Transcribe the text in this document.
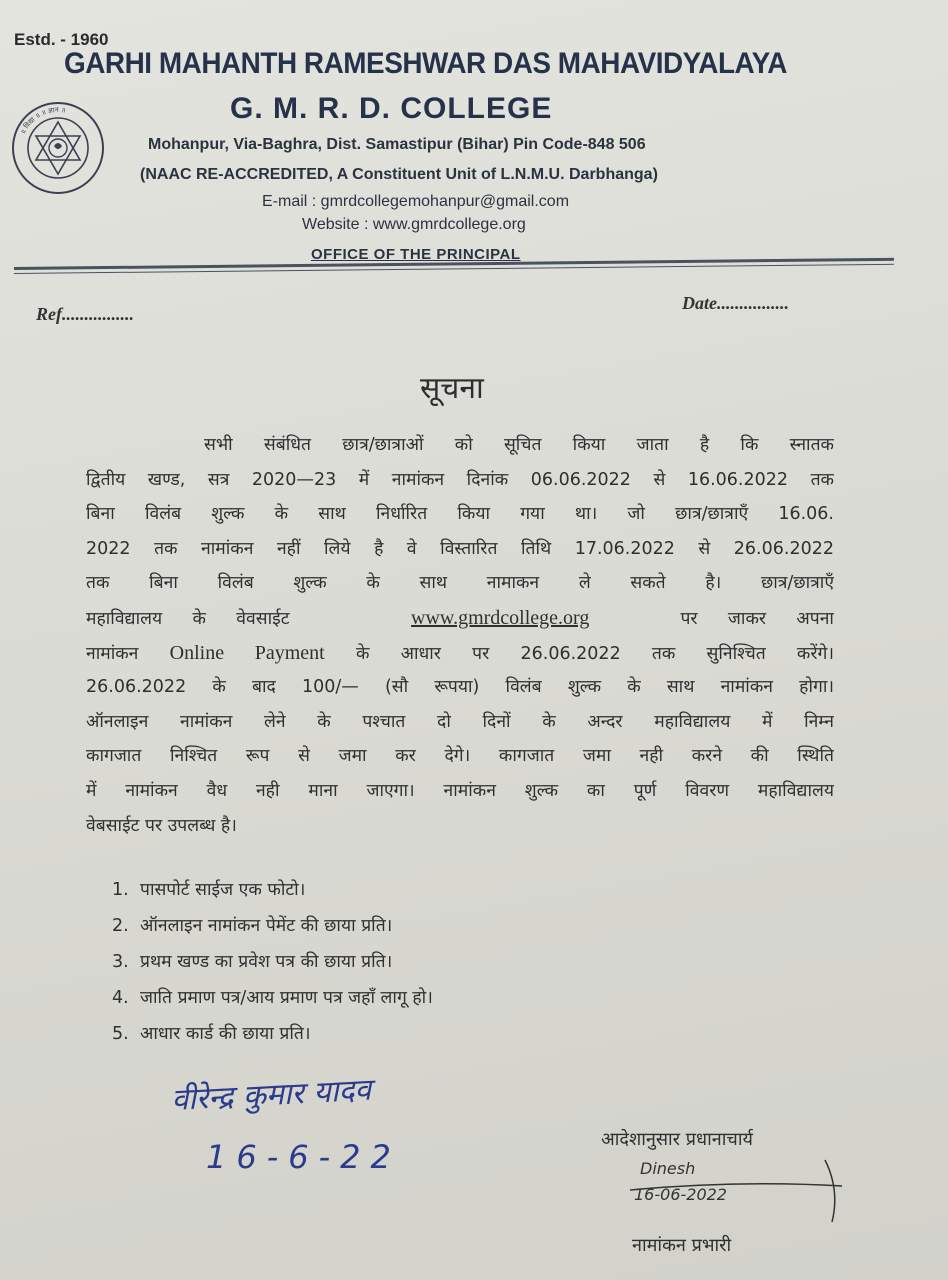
Estd. - 1960
GARHI MAHANTH RAMESHWAR DAS MAHAVIDYALAYA
G. M. R. D. COLLEGE
॥ विद्या ॥ ॥ ज्ञान ॥
Mohanpur, Via-Baghra, Dist. Samastipur (Bihar) Pin Code-848 506
(NAAC RE-ACCREDITED, A Constituent Unit of L.N.M.U. Darbhanga)
E-mail : gmrdcollegemohanpur@gmail.com
Website : www.gmrdcollege.org
OFFICE OF THE PRINCIPAL
Ref................
Date................
सूचना
सभी संबंधित छात्र/छात्राओं को सूचित किया जाता है कि स्नातक
द्वितीय खण्ड, सत्र 2020—23 में नामांकन दिनांक 06.06.2022 से 16.06.2022 तक
बिना विलंब शुल्क के साथ निर्धारित किया गया था। जो छात्र/छात्राएँ 16.06.
2022 तक नामांकन नहीं लिये है वे विस्तारित तिथि 17.06.2022 से 26.06.2022
तक बिना विलंब शुल्क के साथ नामाकन ले सकते है। छात्र/छात्राएँ
महाविद्यालय के वेवसाईट	www.gmrdcollege.org	पर जाकर अपना
नामांकन Online Payment के आधार पर 26.06.2022 तक सुनिश्चित करेंगे।
26.06.2022 के बाद 100/— (सौ रूपया) विलंब शुल्क के साथ नामांकन होगा।
ऑनलाइन नामांकन लेने के पश्चात दो दिनों के अन्दर महाविद्यालय में निम्न
कागजात निश्चित रूप से जमा कर देगे। कागजात जमा नही करने की स्थिति
में नामांकन वैध नही माना जाएगा। नामांकन शुल्क का पूर्ण विवरण महाविद्यालय
वेबसाईट पर उपलब्ध है।
1. पासपोर्ट साईज एक फोटो।
2. ऑनलाइन नामांकन पेमेंट की छाया प्रति।
3. प्रथम खण्ड का प्रवेश पत्र की छाया प्रति।
4. जाति प्रमाण पत्र/आय प्रमाण पत्र जहाँ लागू हो।
5. आधार कार्ड की छाया प्रति।
वीरेन्द्र कुमार यादव
16-6-22	आदेशानुसार प्रधानाचार्य
Dinesh
16-06-2022
नामांकन प्रभारी
